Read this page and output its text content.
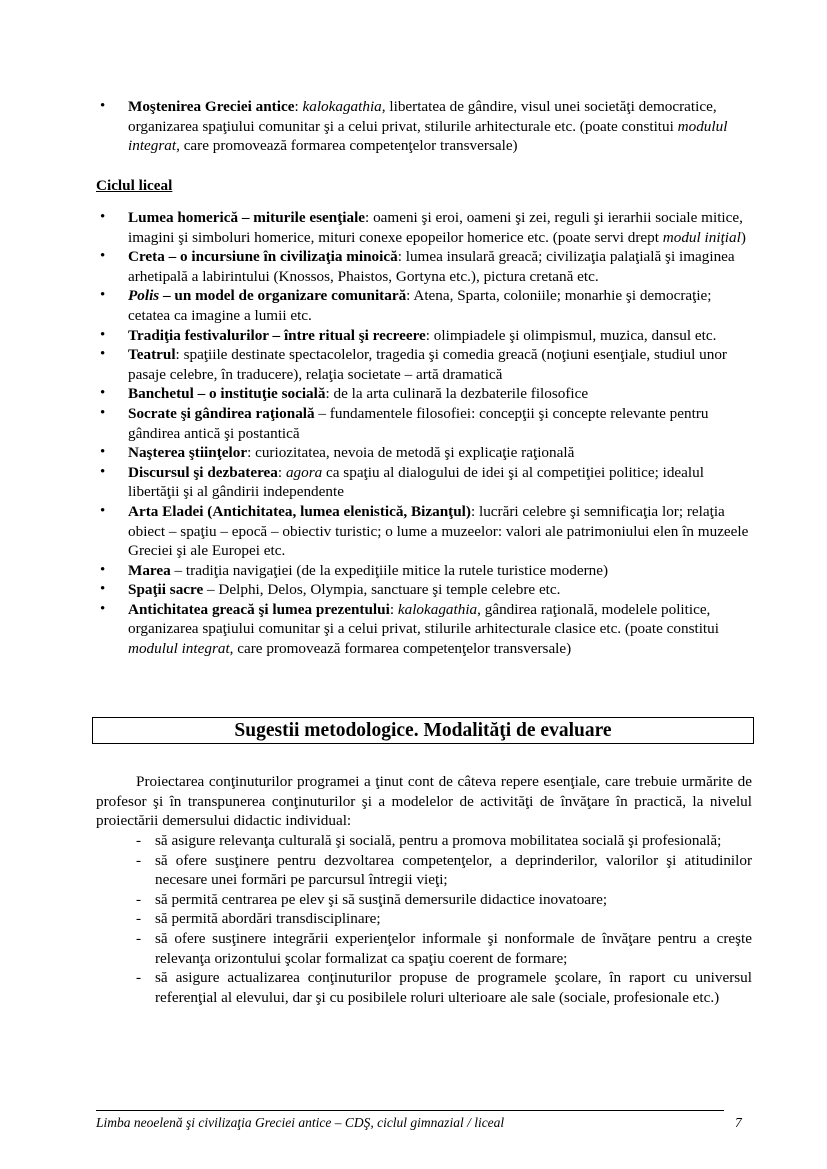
• Moştenirea Greciei antice: kalokagathia, libertatea de gândire, visul unei societăţi democratice, organizarea spaţiului comunitar şi a celui privat, stilurile arhitecturale etc. (poate constitui modulul integrat, care promovează formarea competenţelor transversale)
Ciclul liceal
• Lumea homerică – miturile esenţiale: oameni şi eroi, oameni şi zei, reguli şi ierarhii sociale mitice, imagini şi simboluri homerice, mituri conexe epopeilor homerice etc. (poate servi drept modul iniţial)
• Creta – o incursiune în civilizaţia minoică: lumea insulară greacă; civilizaţia palaţială şi imaginea arhetipală a labirintului (Knossos, Phaistos, Gortyna etc.), pictura cretană etc.
• Polis – un model de organizare comunitară: Atena, Sparta, coloniile; monarhie şi democraţie; cetatea ca imagine a lumii etc.
• Tradiţia festivalurilor – între ritual şi recreere: olimpiadele şi olimpismul, muzica, dansul etc.
• Teatrul: spaţiile destinate spectacolelor, tragedia şi comedia greacă (noţiuni esenţiale, studiul unor pasaje celebre, în traducere), relaţia societate – artă dramatică
• Banchetul – o instituţie socială: de la arta culinară la dezbaterile filosofice
• Socrate şi gândirea raţională – fundamentele filosofiei: concepţii şi concepte relevante pentru gândirea antică şi postantică
• Naşterea ştiinţelor: curiozitatea, nevoia de metodă şi explicaţie raţională
• Discursul şi dezbaterea: agora ca spaţiu al dialogului de idei şi al competiţiei politice; idealul libertăţii şi al gândirii independente
• Arta Eladei (Antichitatea, lumea elenistică, Bizanţul): lucrări celebre şi semnificaţia lor; relaţia obiect – spaţiu – epocă – obiectiv turistic; o lume a muzeelor: valori ale patrimoniului elen în muzeele Greciei şi ale Europei etc.
• Marea – tradiţia navigaţiei (de la expediţiile mitice la rutele turistice moderne)
• Spaţii sacre – Delphi, Delos, Olympia, sanctuare şi temple celebre etc.
• Antichitatea greacă şi lumea prezentului: kalokagathia, gândirea raţională, modelele politice, organizarea spaţiului comunitar şi a celui privat, stilurile arhitecturale clasice etc. (poate constitui modulul integrat, care promovează formarea competenţelor transversale)
Sugestii metodologice. Modalităţi de evaluare
Proiectarea conţinuturilor programei a ţinut cont de câteva repere esenţiale, care trebuie urmărite de profesor şi în transpunerea conţinuturilor şi a modelelor de activităţi de învăţare în practică, la nivelul proiectării demersului didactic individual:
- să asigure relevanţa culturală şi socială, pentru a promova mobilitatea socială şi profesională;
- să ofere susţinere pentru dezvoltarea competenţelor, a deprinderilor, valorilor şi atitudinilor necesare unei formări pe parcursul întregii vieţi;
- să permită centrarea pe elev şi să susţină demersurile didactice inovatoare;
- să permită abordări transdisciplinare;
- să ofere susţinere integrării experienţelor informale şi nonformale de învăţare pentru a creşte relevanţa orizontului şcolar formalizat ca spaţiu coerent de formare;
- să asigure actualizarea conţinuturilor propuse de programele şcolare, în raport cu universul referenţial al elevului, dar şi cu posibilele roluri ulterioare ale sale (sociale, profesionale etc.)
Limba neoelenă şi civilizaţia Greciei antice – CDŞ, ciclul gimnazial / liceal	7
